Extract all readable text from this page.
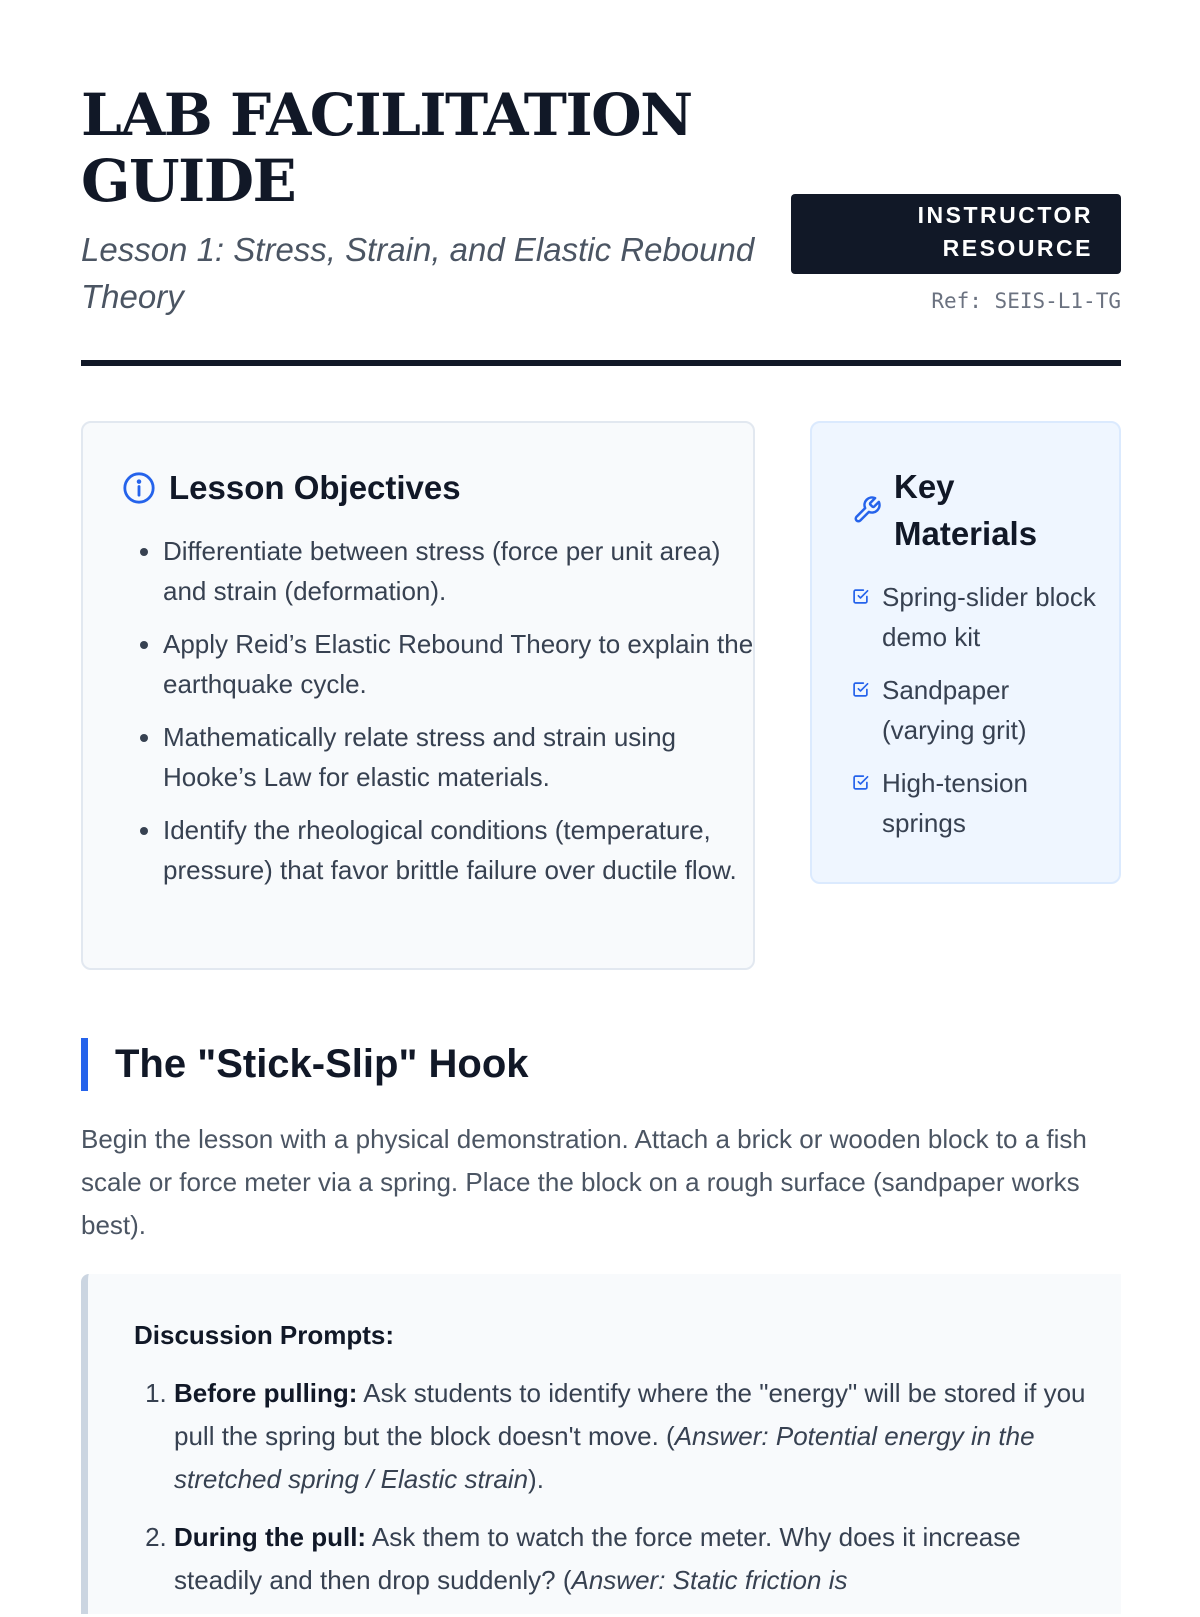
LAB FACILITATION GUIDE

Lesson 1: Stress, Strain, and Elastic Rebound Theory

INSTRUCTOR RESOURCE
Ref: SEIS-L1-TG
Lesson Objectives
• Differentiate between stress (force per unit area) and strain (deformation).
• Apply Reid’s Elastic Rebound Theory to explain the earthquake cycle.
• Mathematically relate stress and strain using Hooke’s Law for elastic materials.
• Identify the rheological conditions (temperature, pressure) that favor brittle failure over ductile flow.
Key Materials
Spring-slider block demo kit
Sandpaper (varying grit)
High-tension springs
The "Stick-Slip" Hook

Begin the lesson with a physical demonstration. Attach a brick or wooden block to a fish scale or force meter via a spring. Place the block on a rough surface (sandpaper works best).

Discussion Prompts:
1. Before pulling: Ask students to identify where the "energy" will be stored if you pull the spring but the block doesn't move. (Answer: Potential energy in the stretched spring / Elastic strain).
2. During the pull: Ask them to watch the force meter. Why does it increase steadily and then drop suddenly? (Answer: Static friction is
